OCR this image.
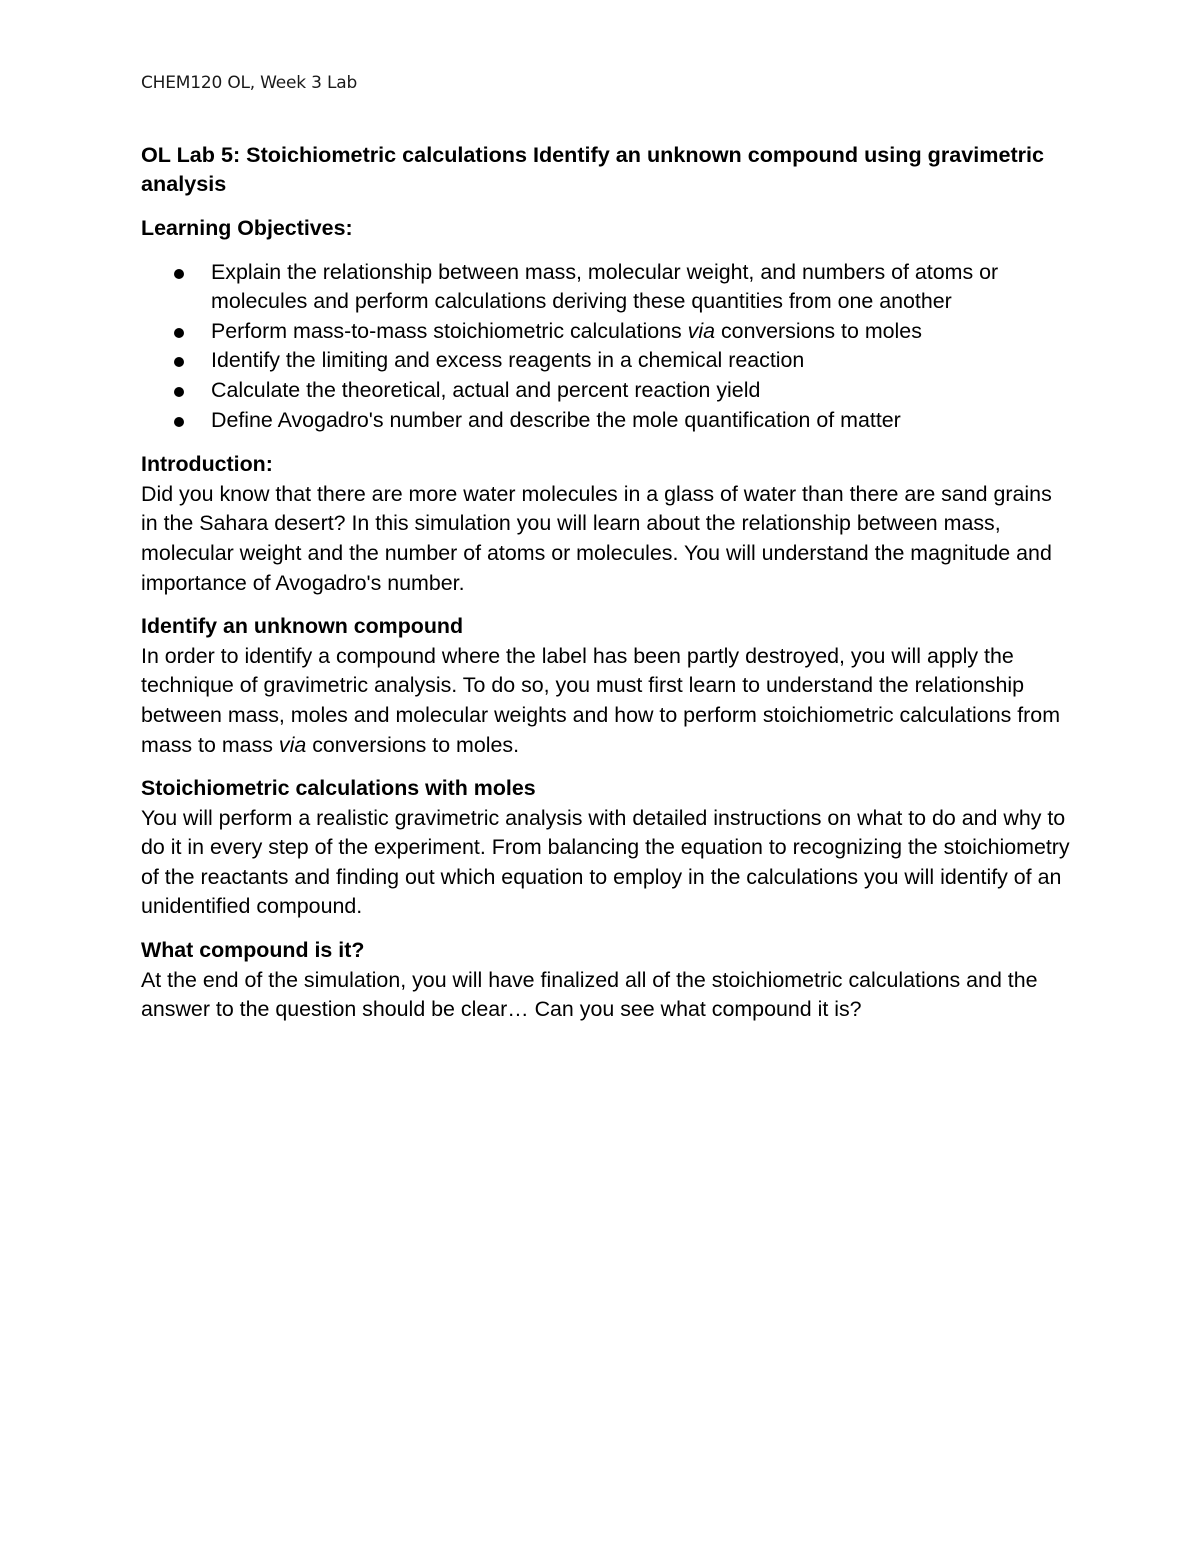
CHEM120 OL, Week 3 Lab
OL Lab 5: Stoichiometric calculations Identify an unknown compound using gravimetric analysis
Learning Objectives:
Explain the relationship between mass, molecular weight, and numbers of atoms or molecules and perform calculations deriving these quantities from one another
Perform mass-to-mass stoichiometric calculations via conversions to moles
Identify the limiting and excess reagents in a chemical reaction
Calculate the theoretical, actual and percent reaction yield
Define Avogadro's number and describe the mole quantification of matter
Introduction:
Did you know that there are more water molecules in a glass of water than there are sand grains in the Sahara desert? In this simulation you will learn about the relationship between mass, molecular weight and the number of atoms or molecules. You will understand the magnitude and importance of Avogadro's number.
Identify an unknown compound
In order to identify a compound where the label has been partly destroyed, you will apply the technique of gravimetric analysis. To do so, you must first learn to understand the relationship between mass, moles and molecular weights and how to perform stoichiometric calculations from mass to mass via conversions to moles.
Stoichiometric calculations with moles
You will perform a realistic gravimetric analysis with detailed instructions on what to do and why to do it in every step of the experiment. From balancing the equation to recognizing the stoichiometry of the reactants and finding out which equation to employ in the calculations you will identify of an unidentified compound.
What compound is it?
At the end of the simulation, you will have finalized all of the stoichiometric calculations and the answer to the question should be clear… Can you see what compound it is?
